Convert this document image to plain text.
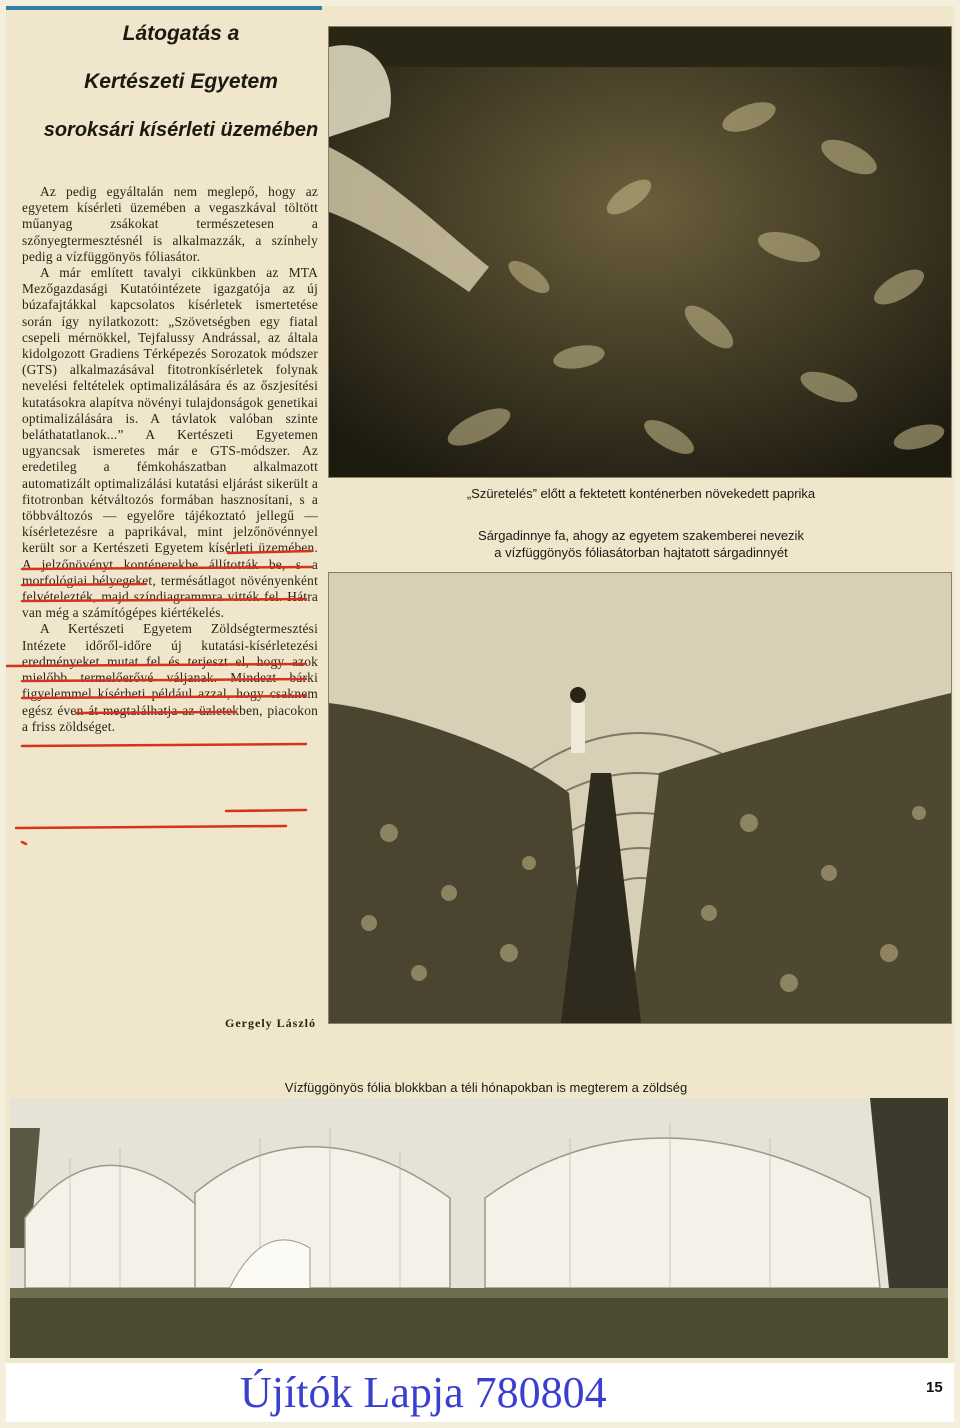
Látogatás a
Kertészeti Egyetem
soroksári kísérleti üzemében

Az pedig egyáltalán nem meglepő, hogy az egyetem kísérleti üzemében a vegaszkával töltött műanyag zsákokat természetesen a szőnyegtermesztésnél is alkalmazzák, a színhely pedig a vízfüggönyös fóliasátor.

A már említett tavalyi cikkünkben az MTA Mezőgazdasági Kutatóintézete igazgatója az új búzafajtákkal kapcsolatos kísérletek ismertetése során így nyilatkozott: „Szövetségben egy fiatal csepeli mérnökkel, Tejfalussy Andrással, az általa kidolgozott Gradiens Térképezés Sorozatok módszer (GTS) alkalmazásával fitotronkísérletek folynak nevelési feltételek optimalizálására és az őszjesítési kutatásokra alapítva növényi tulajdonságok genetikai optimalizálására is. A távlatok valóban szinte beláthatatlanok...” A Kertészeti Egyetemen ugyancsak ismeretes már e GTS-módszer. Az eredetileg a fémkohászatban alkalmazott automatizált optimalizálási kutatási eljárást sikerült a fitotronban kétváltozós formában hasznosítani, s a többváltozós — egyelőre tájékoztató jellegű — kísérletezésre a paprikával, mint jelzőnövénnyel került sor a Kertészeti Egyetem kísérleti üzemében. A jelzőnövényt konténerekbe állították be, s a morfológiai bélyegeket, termésátlagot növényenként felvételezték, majd színdiagrammra vitték fel. Hátra van még a számítógépes kiértékelés.

A Kertészeti Egyetem Zöldségtermesztési Intézete időről-időre új kutatási-kísérletezési eredményeket mutat fel és terjeszt el, hogy azok mielőbb termelőerővé váljanak. Mindezt bárki figyelemmel kísérheti például azzal, hogy csaknem egész éven át megtalálhatja az üzletekben, piacokon a friss zöldséget.

Gergely László
„Szüretelés” előtt a fektetett konténerben növekedett paprika
Sárgadinnye fa, ahogy az egyetem szakemberei nevezik
a vízfüggönyös fóliasátorban hajtatott sárgadinnyét
Vízfüggönyös fólia blokkban a téli hónapokban is megterem a zöldség
Újítók Lapja 780804	15
